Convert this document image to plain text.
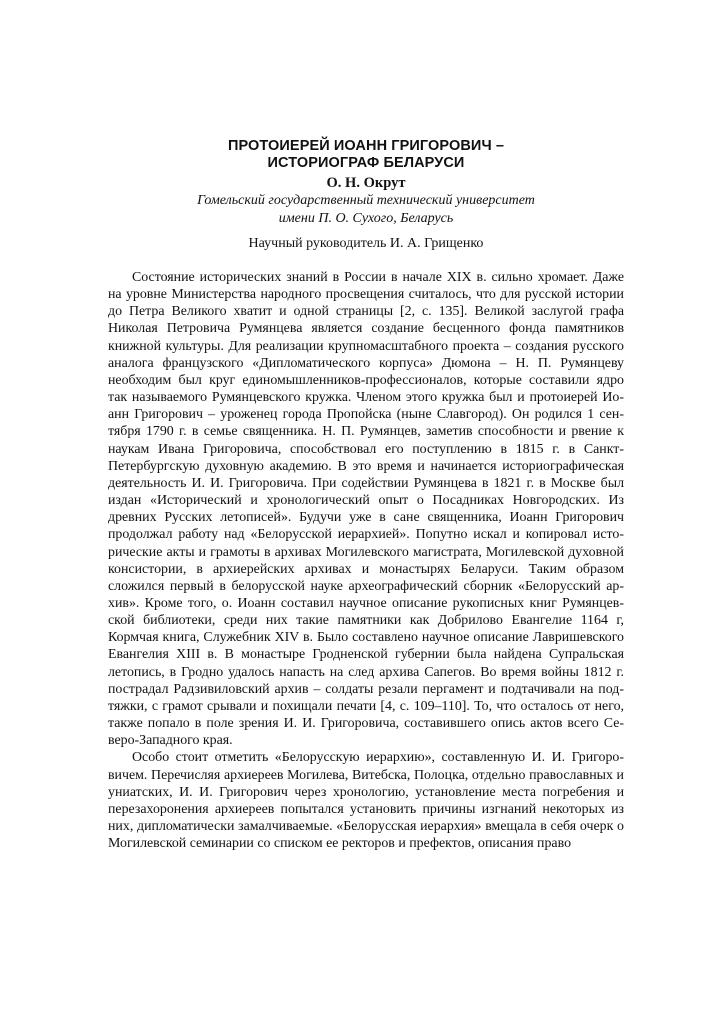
ПРОТОИЕРЕЙ ИОАНН ГРИГОРОВИЧ –
ИСТОРИОГРАФ БЕЛАРУСИ
О. Н. Окрут
Гомельский государственный технический университет
имени П. О. Сухого, Беларусь
Научный руководитель И. А. Грищенко

Состояние исторических знаний в России в начале XIX в. сильно хромает. Даже на уровне Министерства народного просвещения считалось, что для русской истории до Петра Великого хватит и одной страницы [2, с. 135]. Великой заслугой графа Николая Петровича Румянцева является создание бесценного фонда памятников книжной культуры. Для реализации крупномасштабного проекта – создания русского аналога французского «Дипломатического корпуса» Дюмона – Н. П. Румянцеву необходим был круг единомышленников-профессионалов, которые составили ядро так называемого Румянцевского кружка. Членом этого кружка был и протоиерей Иоанн Григорович – уроженец города Пропойска (ныне Славгород). Он родился 1 сентября 1790 г. в семье священника. Н. П. Румянцев, заметив способности и рвение к наукам Ивана Григоровича, способствовал его поступлению в 1815 г. в Санкт-Петербургскую духовную академию. В это время и начинается историографическая деятельность И. И. Григоровича. При содействии Румянцева в 1821 г. в Москве был издан «Исторический и хронологический опыт о Посадниках Новгородских. Из древних Русских летописей». Будучи уже в сане священника, Иоанн Григорович продолжал работу над «Белорусской иерархией». Попутно искал и копировал исторические акты и грамоты в архивах Могилевского магистрата, Могилевской духовной консистории, в архиерейских архивах и монастырях Беларуси. Таким образом сложился первый в белорусской науке археографический сборник «Белорусский архив». Кроме того, о. Иоанн составил научное описание рукописных книг Румянцевской библиотеки, среди них такие памятники как Добрилово Евангелие 1164 г, Кормчая книга, Служебник XIV в. Было составлено научное описание Лавришевского Евангелия XIII в. В монастыре Гродненской губернии была найдена Супральская летопись, в Гродно удалось напасть на след архива Сапегов. Во время войны 1812 г. пострадал Радзивиловский архив – солдаты резали пергамент и подтачивали на подтяжки, с грамот срывали и похищали печати [4, с. 109–110]. То, что осталось от него, также попало в поле зрения И. И. Григоровича, составившего опись актов всего Северо-Западного края.

Особо стоит отметить «Белорусскую иерархию», составленную И. И. Григоровичем. Перечисляя архиереев Могилева, Витебска, Полоцка, отдельно православных и униатских, И. И. Григорович через хронологию, установление места погребения и перезахоронения архиереев попытался установить причины изгнаний некоторых из них, дипломатически замалчиваемые. «Белорусская иерархия» вмещала в себя очерк о Могилевской семинарии со списком ее ректоров и префектов, описания право
